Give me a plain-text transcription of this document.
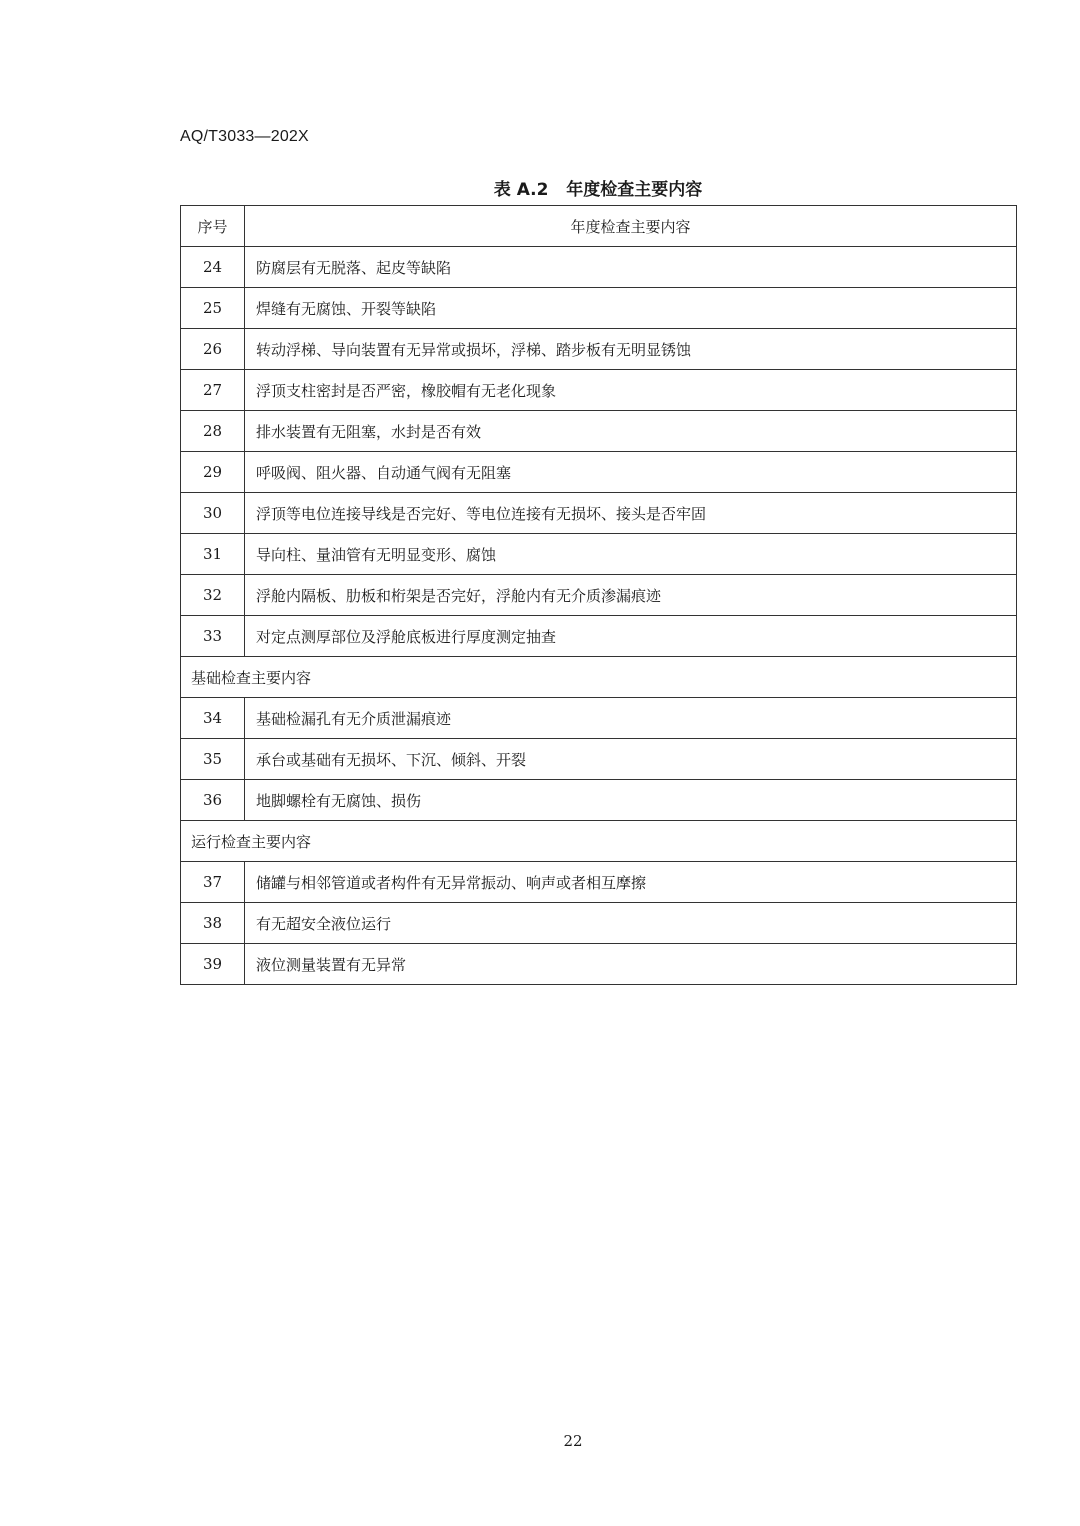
AQ/T3033—202X
表 A.2 年度检查主要内容
序号	年度检查主要内容
24	防腐层有无脱落、起皮等缺陷
25	焊缝有无腐蚀、开裂等缺陷
26	转动浮梯、导向装置有无异常或损坏，浮梯、踏步板有无明显锈蚀
27	浮顶支柱密封是否严密，橡胶帽有无老化现象
28	排水装置有无阻塞，水封是否有效
29	呼吸阀、阻火器、自动通气阀有无阻塞
30	浮顶等电位连接导线是否完好、等电位连接有无损坏、接头是否牢固
31	导向柱、量油管有无明显变形、腐蚀
32	浮舱内隔板、肋板和桁架是否完好，浮舱内有无介质渗漏痕迹
33	对定点测厚部位及浮舱底板进行厚度测定抽查
基础检查主要内容	
34	基础检漏孔有无介质泄漏痕迹
35	承台或基础有无损坏、下沉、倾斜、开裂
36	地脚螺栓有无腐蚀、损伤
运行检查主要内容	
37	储罐与相邻管道或者构件有无异常振动、响声或者相互摩擦
38	有无超安全液位运行
39	液位测量装置有无异常
22
